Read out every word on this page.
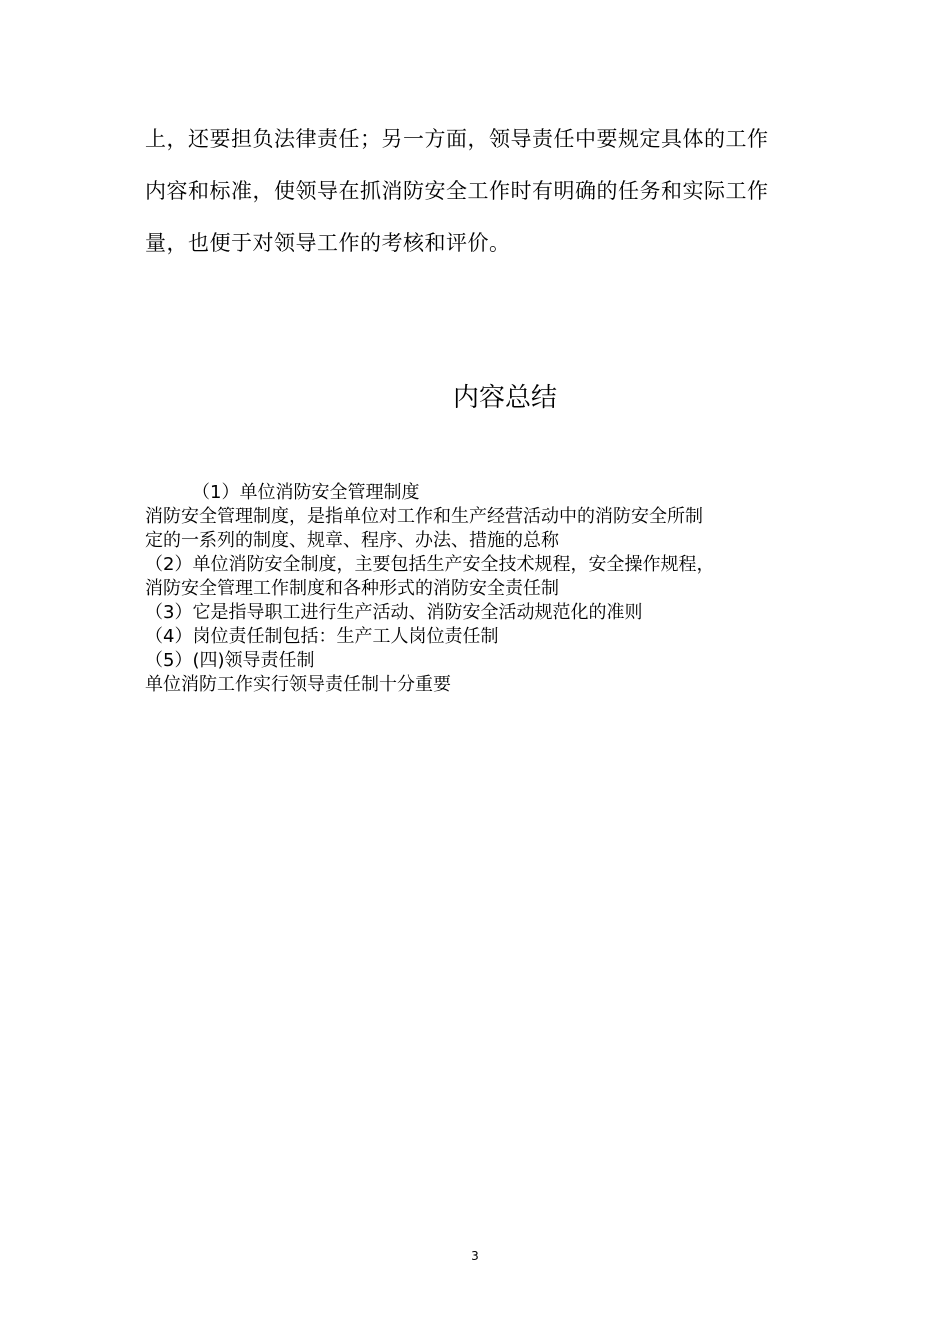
上，还要担负法律责任；另一方面，领导责任中要规定具体的工作
内容和标准，使领导在抓消防安全工作时有明确的任务和实际工作
量，也便于对领导工作的考核和评价。
内容总结
（1）单位消防安全管理制度
消防安全管理制度，是指单位对工作和生产经营活动中的消防安全所制
定的一系列的制度、规章、程序、办法、措施的总称
（2）单位消防安全制度，主要包括生产安全技术规程，安全操作规程，
消防安全管理工作制度和各种形式的消防安全责任制
（3）它是指导职工进行生产活动、消防安全活动规范化的准则
（4）岗位责任制包括：生产工人岗位责任制
（5）(四)领导责任制
单位消防工作实行领导责任制十分重要
3
